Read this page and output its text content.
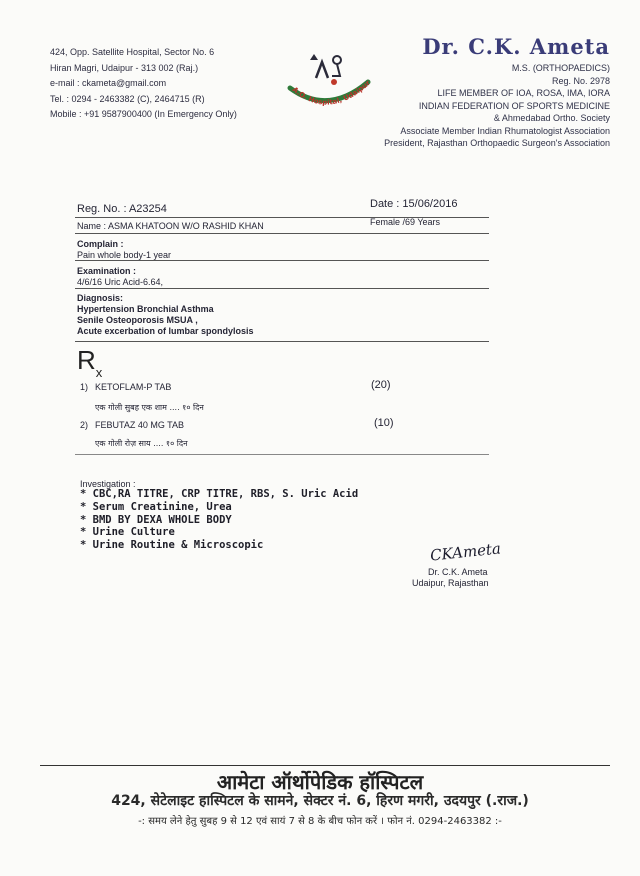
424, Opp. Satellite Hospital, Sector No. 6
Hiran Magri, Udaipur - 313 002 (Raj.)
e-mail : ckameta@gmail.com
Tel. : 0294 - 2463382 (C), 2464715 (R)
Mobile : +91 9587900400 (In Emergency Only)
A.O. Hospital, Udaipur
Dr. C.K. Ameta
M.S. (ORTHOPAEDICS)
Reg. No. 2978
LIFE MEMBER OF IOA, ROSA, IMA, IORA
INDIAN FEDERATION OF SPORTS MEDICINE
& Ahmedabad Ortho. Society
Associate Member Indian Rhumatologist Association
President, Rajasthan Orthopaedic Surgeon's Association
Reg. No. : A23254	Date : 15/06/2016
Name : ASMA KHATOON W/O RASHID KHAN	Female /69 Years
Complain :
Pain whole body-1 year
Examination :
4/6/16 Uric Acid-6.64,
Diagnosis:
Hypertension Bronchial Asthma
Senile Osteoporosis MSUA ,
Acute excerbation of lumbar spondylosis
$R_x$
1) KETOFLAM-P TAB	(20)
एक गोली सुबह एक शाम .... १० दिन
2) FEBUTAZ 40 MG TAB	(10)
एक गोली रोज़ साय .... १० दिन
Investigation :
* CBC,RA TITRE, CRP TITRE, RBS, S. Uric Acid
* Serum Creatinine, Urea
* BMD BY DEXA WHOLE BODY
* Urine Culture
* Urine Routine & Microscopic	CKAmeta
Dr. C.K. Ameta
Udaipur, Rajasthan
आमेटा ऑर्थोपेडिक हॉस्पिटल
424, सेटेलाइट हास्पिटल के सामने, सेक्टर नं. 6, हिरण मगरी, उदयपुर (.राज.)
-: समय लेने हेतु सुबह 9 से 12 एवं सायं 7 से 8 के बीच फोन करें । फोन नं. 0294-2463382 :-
